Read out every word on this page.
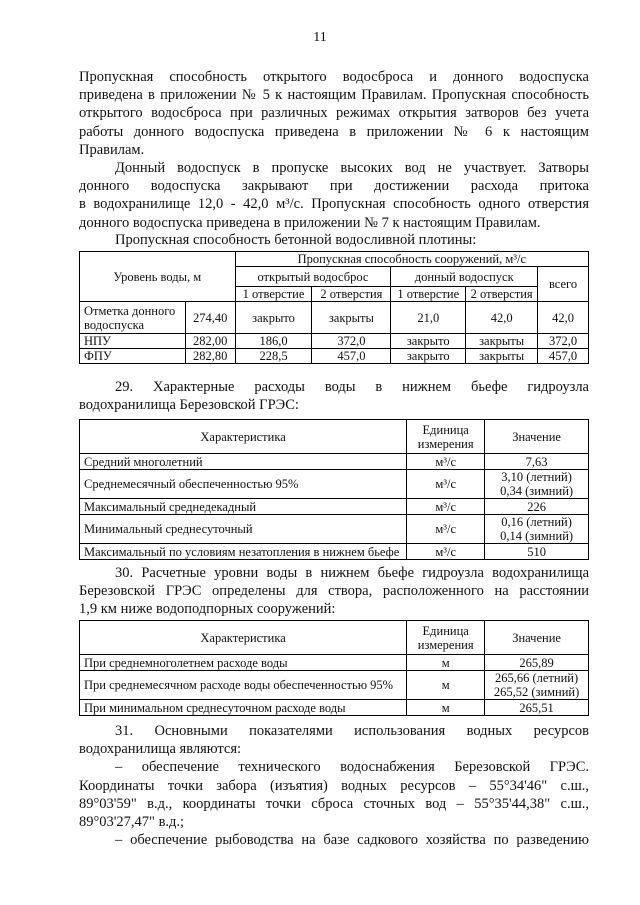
11
Пропускная способность открытого водосброса и донного водоспуска
приведена в приложении № 5 к настоящим Правилам. Пропускная способность
открытого водосброса при различных режимах открытия затворов без учета
работы донного водоспуска приведена в приложении № 6 к настоящим
Правилам.
Донный водоспуск в пропуске высоких вод не участвует. Затворы
донного водоспуска закрывают при достижении расхода притока
в водохранилище 12,0 - 42,0 м³/с. Пропускная способность одного отверстия
донного водоспуска приведена в приложении № 7 к настоящим Правилам.
Пропускная способность бетонной водосливной плотины:
Уровень воды, м		Пропускная способность сооружений, м³/с				
		открытый водосброс		донный водоспуск		всего
		1 отверстие	2 отверстия	1 отверстие	2 отверстия	
Отметка донного водоспуска	274,40	закрыто	закрыты	21,0	42,0	42,0
НПУ	282,00	186,0	372,0	закрыто	закрыты	372,0
ФПУ	282,80	228,5	457,0	закрыто	закрыты	457,0
29. Характерные расходы воды в нижнем бьефе гидроузла
водохранилища Березовской ГРЭС:
Характеристика	Единица измерения	Значение
Средний многолетний	м³/с	7,63
Среднемесячный обеспеченностью 95%	м³/с	3,10 (летний)
0,34 (зимний)
Максимальный среднедекадный	м³/с	226
Минимальный среднесуточный	м³/с	0,16 (летний)
0,14 (зимний)
Максимальный по условиям незатопления в нижнем бьефе	м³/с	510
30. Расчетные уровни воды в нижнем бьефе гидроузла водохранилища
Березовской ГРЭС определены для створа, расположенного на расстоянии
1,9 км ниже водоподпорных сооружений:
Характеристика	Единица измерения	Значение
При среднемноголетнем расходе воды	м	265,89
При среднемесячном расходе воды обеспеченностью 95%	м	265,66 (летний)
265,52 (зимний)
При минимальном среднесуточном расходе воды	м	265,51
31. Основными показателями использования водных ресурсов
водохранилища являются:
– обеспечение технического водоснабжения Березовской ГРЭС.
Координаты точки забора (изъятия) водных ресурсов – 55°34'46" с.ш.,
89°03'59" в.д., координаты точки сброса сточных вод – 55°35'44,38" с.ш.,
89°03'27,47" в.д.;
– обеспечение рыбоводства на базе садкового хозяйства по разведению
